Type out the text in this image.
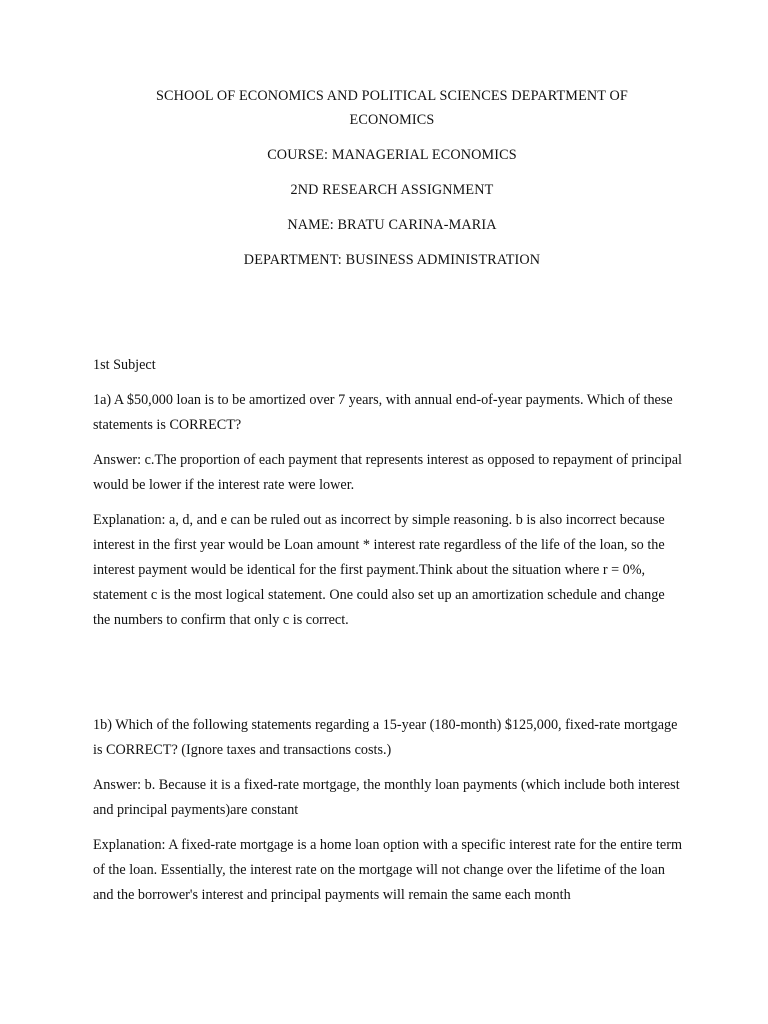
SCHOOL OF ECONOMICS AND POLITICAL SCIENCES DEPARTMENT OF
ECONOMICS
COURSE: MANAGERIAL ECONOMICS
2ND RESEARCH ASSIGNMENT
NAME: BRATU CARINA-MARIA
DEPARTMENT: BUSINESS ADMINISTRATION

1st Subject

1a) A $50,000 loan is to be amortized over 7 years, with annual end-of-year payments. Which of these statements is CORRECT?

Answer: c.The proportion of each payment that represents interest as opposed to repayment of principal would be lower if the interest rate were lower.

Explanation: a, d, and e can be ruled out as incorrect by simple reasoning. b is also incorrect because interest in the first year would be Loan amount * interest rate regardless of the life of the loan, so the interest payment would be identical for the first payment.Think about the situation where r = 0%, statement c is the most logical statement. One could also set up an amortization schedule and change the numbers to confirm that only c is correct.

1b) Which of the following statements regarding a 15-year (180-month) $125,000, fixed-rate mortgage is CORRECT? (Ignore taxes and transactions costs.)

Answer: b. Because it is a fixed-rate mortgage, the monthly loan payments (which include both interest and principal payments)are constant

Explanation: A fixed-rate mortgage is a home loan option with a specific interest rate for the entire term of the loan. Essentially, the interest rate on the mortgage will not change over the lifetime of the loan and the borrower's interest and principal payments will remain the same each month
